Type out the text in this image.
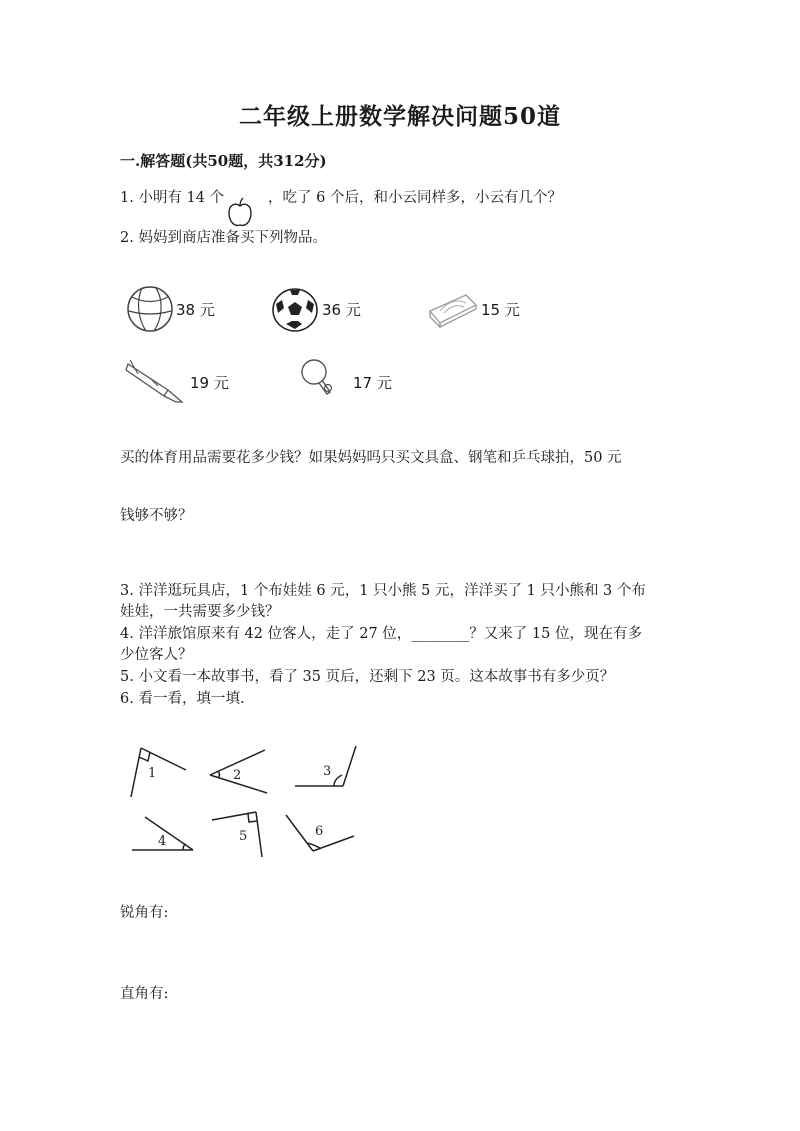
二年级上册数学解决问题50道
一.解答题(共50题，共312分)
1. 小明有 14 个	，吃了 6 个后，和小云同样多，小云有几个？
2. 妈妈到商店准备买下列物品。
38 元	36 元	15 元
19 元	17 元
买的体育用品需要花多少钱？如果妈妈吗只买文具盒、钢笔和乒乓球拍，50 元
钱够不够？
3. 洋洋逛玩具店，1 个布娃娃 6 元，1 只小熊 5 元，洋洋买了 1 只小熊和 3 个布
娃娃，一共需要多少钱？
4. 洋洋旅馆原来有 42 位客人，走了 27 位，________？又来了 15 位，现在有多
少位客人？
5. 小文看一本故事书，看了 35 页后，还剩下 23 页。这本故事书有多少页？
6. 看一看，填一填.
1	2	3
4	5	6
锐角有:
直角有:
